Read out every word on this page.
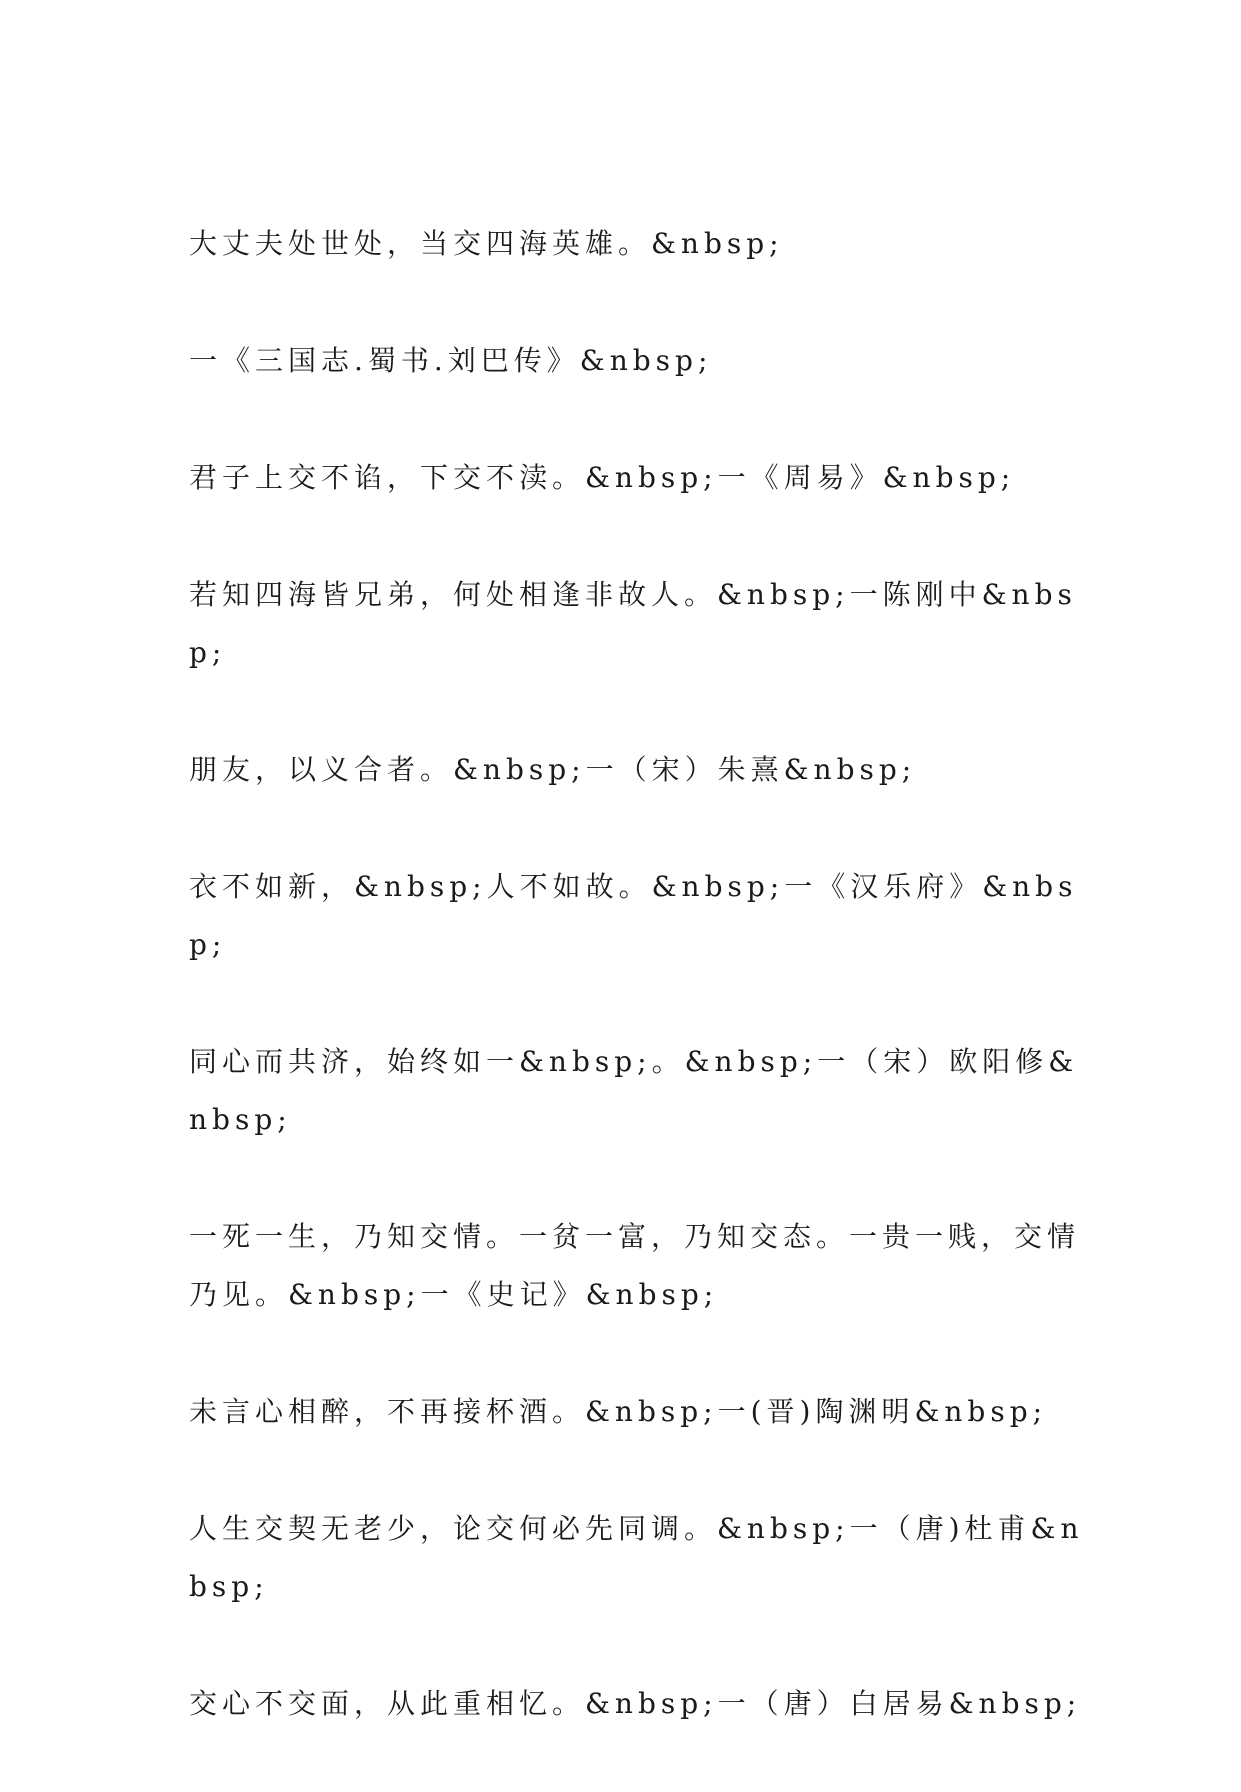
大丈夫处世处，当交四海英雄。&nbsp;

一《三国志.蜀书.刘巴传》&nbsp;

君子上交不谄，下交不渎。&nbsp;一《周易》&nbsp;

若知四海皆兄弟，何处相逢非故人。&nbsp;一陈刚中&nbsp;

朋友，以义合者。&nbsp;一（宋）朱熹&nbsp;

衣不如新，&nbsp;人不如故。&nbsp;一《汉乐府》&nbsp;

同心而共济，始终如一&nbsp;。&nbsp;一（宋）欧阳修&nbsp;

一死一生，乃知交情。一贫一富，乃知交态。一贵一贱，交情乃见。&nbsp;一《史记》&nbsp;

未言心相醉，不再接杯酒。&nbsp;一(晋)陶渊明&nbsp;

人生交契无老少，论交何必先同调。&nbsp;一（唐)杜甫&nbsp;

交心不交面，从此重相忆。&nbsp;一（唐）白居易&nbsp;
